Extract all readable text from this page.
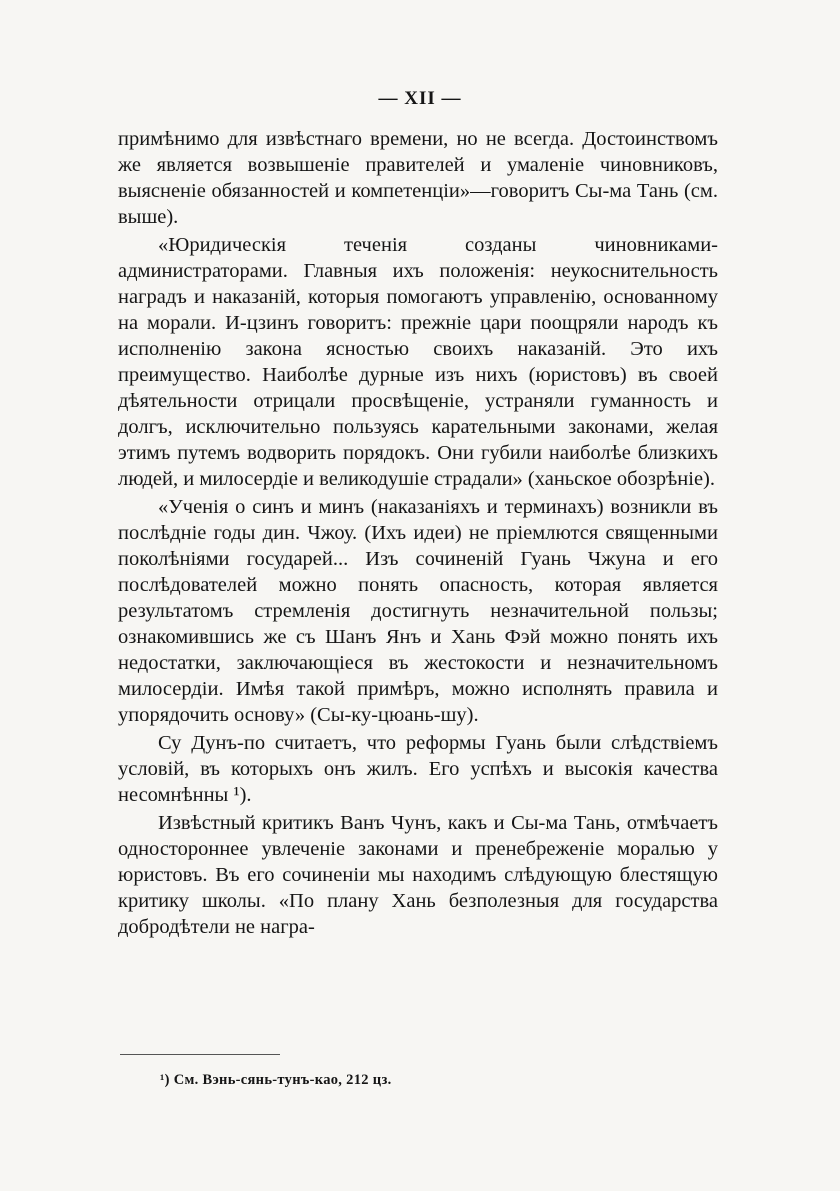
— XII —

примѣнимо для извѣстнаго времени, но не всегда. Достоинствомъ же является возвышеніе правителей и умаленіе чиновниковъ, выясненіе обязанностей и компетенціи»—говоритъ Сы-ма Тань (см. выше).

«Юридическія теченія созданы чиновниками-администраторами. Главныя ихъ положенія: неукоснительность наградъ и наказаній, которыя помогаютъ управленію, основанному на морали. И-цзинъ говоритъ: прежніе цари поощряли народъ къ исполненію закона ясностью своихъ наказаній. Это ихъ преимущество. Наиболѣе дурные изъ нихъ (юристовъ) въ своей дѣятельности отрицали просвѣщеніе, устраняли гуманность и долгъ, исключительно пользуясь карательными законами, желая этимъ путемъ водворить порядокъ. Они губили наиболѣе близкихъ людей, и милосердіе и великодушіе страдали» (ханьское обозрѣніе).

«Ученія о синъ и минъ (наказаніяхъ и терминахъ) возникли въ послѣдніе годы дин. Чжоу. (Ихъ идеи) не пріемлются священными поколѣніями государей... Изъ сочиненій Гуань Чжуна и его послѣдователей можно понять опасность, которая является результатомъ стремленія достигнуть незначительной пользы; ознакомившись же съ Шанъ Янъ и Хань Фэй можно понять ихъ недостатки, заключающіеся въ жестокости и незначительномъ милосердіи. Имѣя такой примѣръ, можно исполнять правила и упорядочить основу» (Сы-ку-цюань-шу).

Су Дунъ-по считаетъ, что реформы Гуань были слѣдствіемъ условій, въ которыхъ онъ жилъ. Его успѣхъ и высокія качества несомнѣнны ¹).

Извѣстный критикъ Ванъ Чунъ, какъ и Сы-ма Тань, отмѣчаетъ одностороннее увлеченіе законами и пренебреженіе моралью у юристовъ. Въ его сочиненіи мы находимъ слѣдующую блестящую критику школы. «По плану Хань безполезныя для государства добродѣтели не награ-

¹) См. Вэнь-сянь-тунъ-као, 212 цз.
